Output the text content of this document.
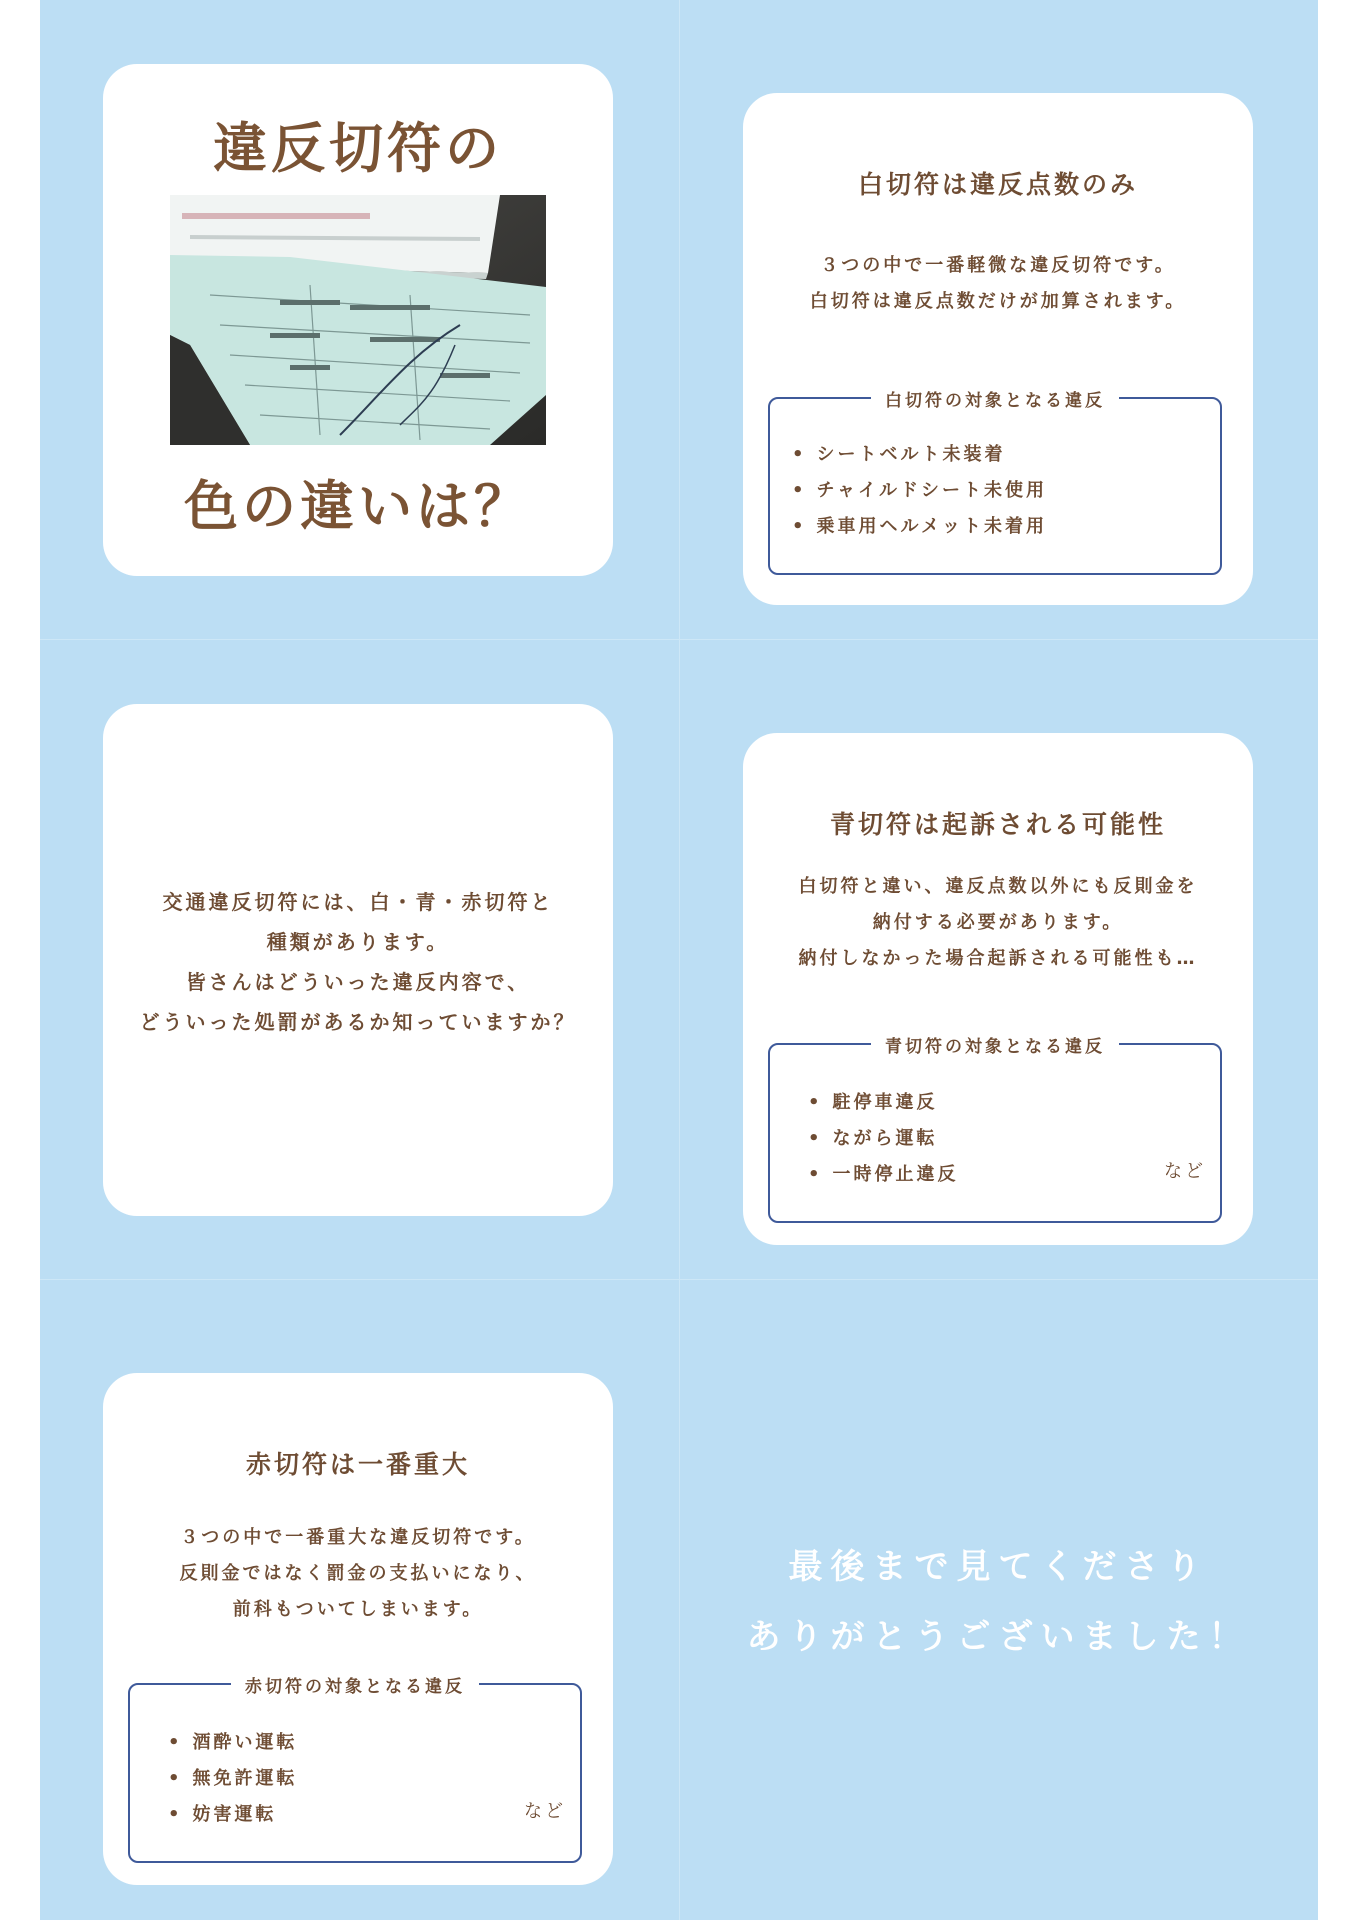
違反切符の
色の違いは？
白切符は違反点数のみ
３つの中で一番軽微な違反切符です。
白切符は違反点数だけが加算されます。
白切符の対象となる違反
• シートベルト未装着
• チャイルドシート未使用
• 乗車用ヘルメット未着用
交通違反切符には、白・青・赤切符と
種類があります。
皆さんはどういった違反内容で、
どういった処罰があるか知っていますか？
青切符は起訴される可能性
白切符と違い、違反点数以外にも反則金を
納付する必要があります。
納付しなかった場合起訴される可能性も…
青切符の対象となる違反
• 駐停車違反
• ながら運転
• 一時停止違反	など
赤切符は一番重大
３つの中で一番重大な違反切符です。
反則金ではなく罰金の支払いになり、
前科もついてしまいます。
赤切符の対象となる違反
• 酒酔い運転
• 無免許運転
• 妨害運転	など
最後まで見てくださり
ありがとうございました！
